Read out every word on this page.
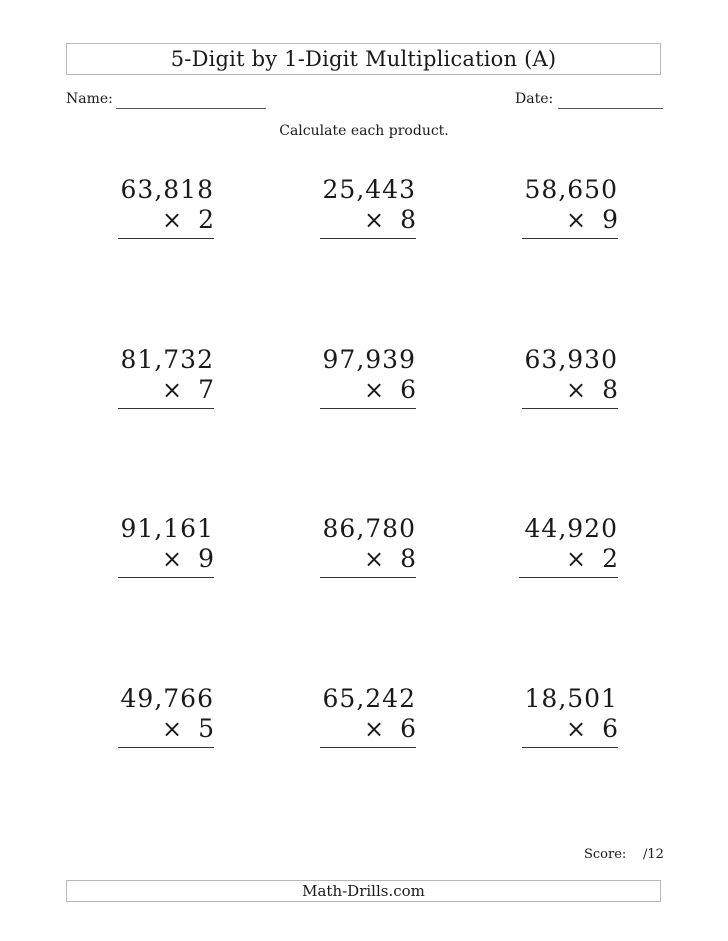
5-Digit by 1-Digit Multiplication (A)
Name:	Date:
Calculate each product.
63,818
× 2
25,443
× 8
58,650
× 9
81,732
× 7
97,939
× 6
63,930
× 8
91,161
× 9
86,780
× 8
44,920
× 2
49,766
× 5
65,242
× 6
18,501
× 6
Score: /12
Math-Drills.com
